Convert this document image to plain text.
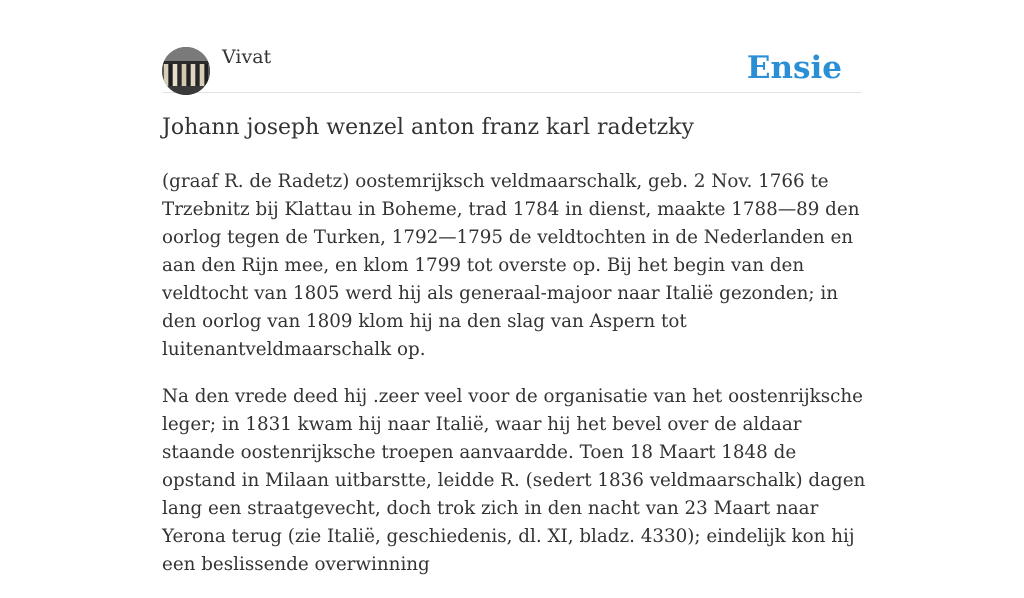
Vivat	Ensie
Johann joseph wenzel anton franz karl radetzky

(graaf R. de Radetz) oostemrijksch veldmaarschalk, geb. 2 Nov. 1766 te Trzebnitz bij Klattau in Boheme, trad 1784 in dienst, maakte 1788—89 den oorlog tegen de Turken, 1792—1795 de veldtochten in de Nederlanden en aan den Rijn mee, en klom 1799 tot overste op. Bij het begin van den veldtocht van 1805 werd hij als generaal-majoor naar Italië gezonden; in den oorlog van 1809 klom hij na den slag van Aspern tot luitenantveldmaarschalk op.

Na den vrede deed hij .zeer veel voor de organisatie van het oostenrijksche leger; in 1831 kwam hij naar Italië, waar hij het bevel over de aldaar staande oostenrijksche troepen aanvaardde. Toen 18 Maart 1848 de opstand in Milaan uitbarstte, leidde R. (sedert 1836 veldmaarschalk) dagen lang een straatgevecht, doch trok zich in den nacht van 23 Maart naar Yerona terug (zie Italië, geschiedenis, dl. XI, bladz. 4330); eindelijk kon hij een beslissende overwinning
